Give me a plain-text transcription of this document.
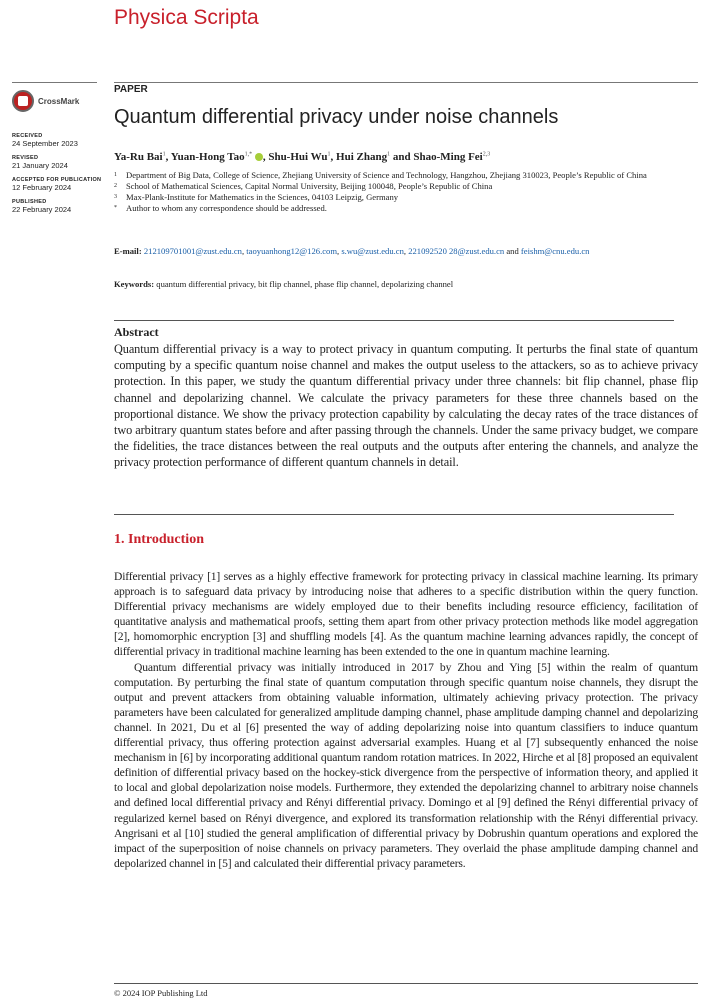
Physica Scripta
PAPER
CrossMark
RECEIVED
24 September 2023
REVISED
21 January 2024
ACCEPTED FOR PUBLICATION
12 February 2024
PUBLISHED
22 February 2024
Quantum differential privacy under noise channels
Ya-Ru Bai$^1$, Yuan-Hong Tao$^{1,*}$ , Shu-Hui Wu$^1$, Hui Zhang$^1$ and Shao-Ming Fei$^{2,3}$
1	Department of Big Data, College of Science, Zhejiang University of Science and Technology, Hangzhou, Zhejiang 310023, People’s Republic of China
2	School of Mathematical Sciences, Capital Normal University, Beijing 100048, People’s Republic of China
3	Max-Plank-Institute for Mathematics in the Sciences, 04103 Leipzig, Germany
*	Author to whom any correspondence should be addressed.
E-mail: 212109701001@zust.edu.cn, taoyuanhong12@126.com, s.wu@zust.edu.cn, 221092520 28@zust.edu.cn and feishm@cnu.edu.cn
Keywords: quantum differential privacy, bit flip channel, phase flip channel, depolarizing channel
Abstract
Quantum differential privacy is a way to protect privacy in quantum computing. It perturbs the final state of quantum computing by a specific quantum noise channel and makes the output useless to the attackers, so as to achieve privacy protection. In this paper, we study the quantum differential privacy under three channels: bit flip channel, phase flip channel and depolarizing channel. We calculate the privacy parameters for these three channels based on the proportional distance. We show the privacy protection capability by calculating the decay rates of the trace distances of two arbitrary quantum states before and after passing through the channels. Under the same privacy budget, we compare the fidelities, the trace distances between the real outputs and the outputs after entering the channels, and analyze the privacy protection performance of different quantum channels in detail.
1. Introduction

Differential privacy [1] serves as a highly effective framework for protecting privacy in classical machine learning. Its primary approach is to safeguard data privacy by introducing noise that adheres to a specific distribution within the query function. Differential privacy mechanisms are widely employed due to their benefits including resource efficiency, facilitation of quantitative analysis and mathematical proofs, setting them apart from other privacy protection methods like model aggregation [2], homomorphic encryption [3] and shuffling models [4]. As the quantum machine learning advances rapidly, the concept of differential privacy in traditional machine learning has been extended to the one in quantum machine learning.

Quantum differential privacy was initially introduced in 2017 by Zhou and Ying [5] within the realm of quantum computation. By perturbing the final state of quantum computation through specific quantum noise channels, they disrupt the output and prevent attackers from obtaining valuable information, ultimately achieving privacy protection. The privacy parameters have been calculated for generalized amplitude damping channel, phase amplitude damping channel and depolarizing channel. In 2021, Du et al [6] presented the way of adding depolarizing noise into quantum classifiers to induce quantum differential privacy, thus offering protection against adversarial examples. Huang et al [7] subsequently enhanced the noise mechanism in [6] by incorporating additional quantum random rotation matrices. In 2022, Hirche et al [8] proposed an equivalent definition of differential privacy based on the hockey-stick divergence from the perspective of information theory, and applied it to local and global depolarization noise models. Furthermore, they extended the depolarizing channel to arbitrary noise channels and defined local differential privacy and Rényi differential privacy. Domingo et al [9] defined the Rényi differential privacy of regularized kernel based on Rényi divergence, and explored its transformation relationship with the Rényi differential privacy. Angrisani et al [10] studied the general amplification of differential privacy by Dobrushin quantum operations and explored the impact of the superposition of noise channels on privacy parameters. They overlaid the phase amplitude damping channel and depolarized channel in [5] and calculated their differential privacy parameters.

© 2024 IOP Publishing Ltd
